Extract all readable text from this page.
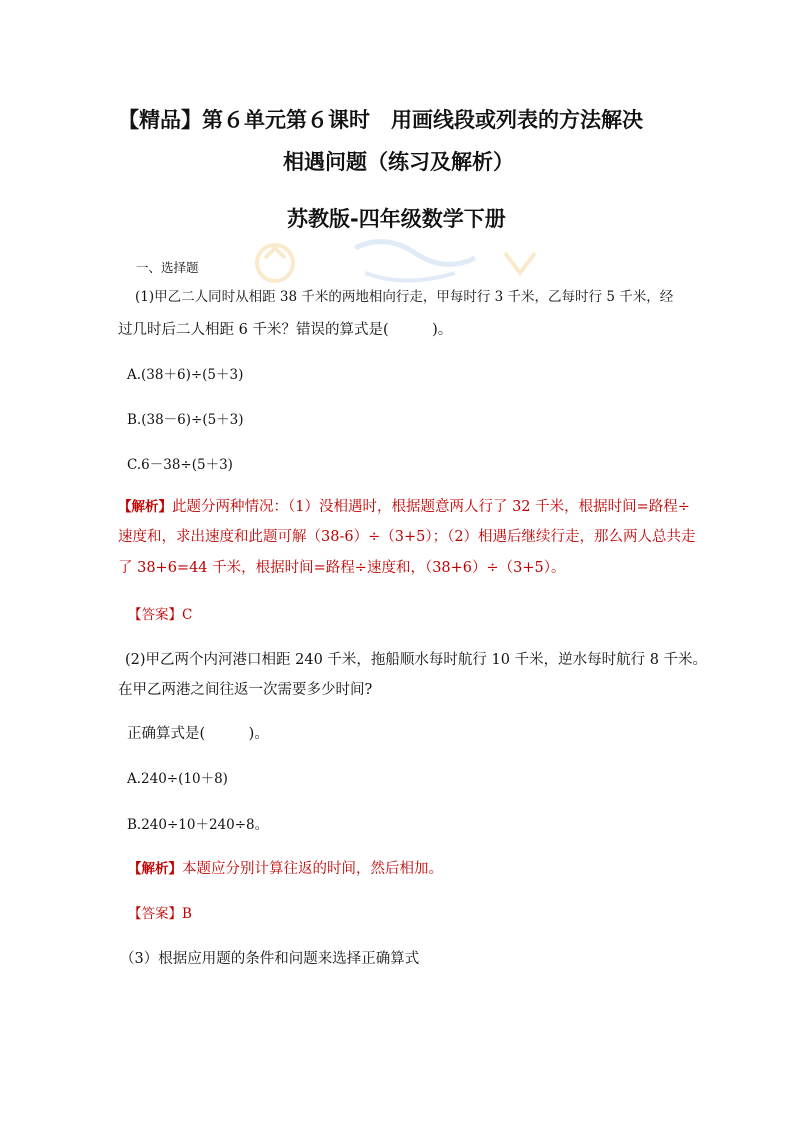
【精品】第６单元第６课时　用画线段或列表的方法解决
相遇问题（练习及解析）
苏教版-四年级数学下册
一、选择题
(1)甲乙二人同时从相距 38 千米的两地相向行走，甲每时行 3 千米，乙每时行 5 千米，经
过几时后二人相距 6 千米？错误的算式是(　　　)。
A.(38＋6)÷(5＋3)
B.(38－6)÷(5＋3)
C.6－38÷(5＋3)
【解析】此题分两种情况：（1）没相遇时，根据题意两人行了 32 千米，根据时间=路程÷
速度和，求出速度和此题可解（38-6）÷（3+5）；（2）相遇后继续行走，那么两人总共走
了 38+6=44 千米，根据时间=路程÷速度和，（38+6）÷（3+5）。
【答案】C
(2)甲乙两个内河港口相距 240 千米，拖船顺水每时航行 10 千米，逆水每时航行 8 千米。
在甲乙两港之间往返一次需要多少时间?
正确算式是(　　　)。
A.240÷(10＋8)
B.240÷10＋240÷8。
【解析】本题应分别计算往返的时间，然后相加。
【答案】B
（3）根据应用题的条件和问题来选择正确算式
